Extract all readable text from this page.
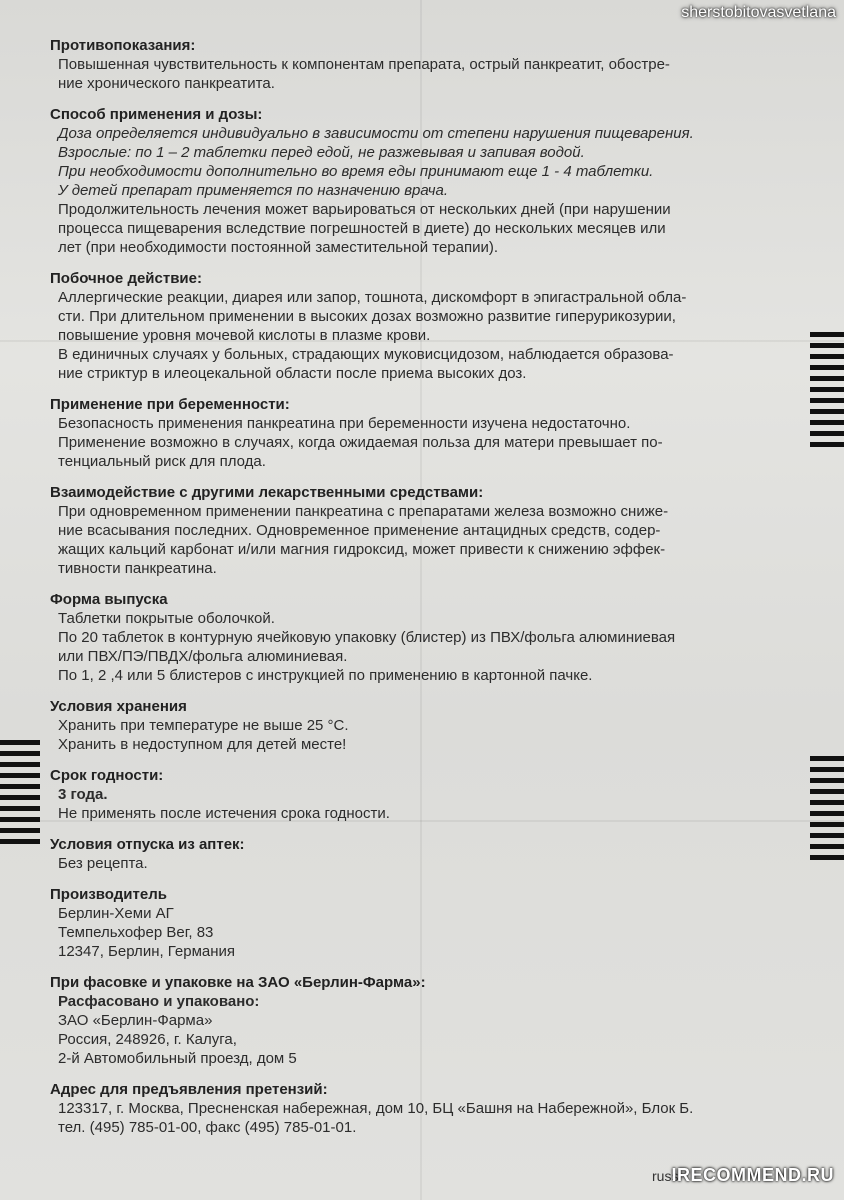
sherstobitovasvetlana
Противопоказания:
Повышенная чувствительность к компонентам препарата, острый панкреатит, обостре-
ние хронического панкреатита.
Способ применения и дозы:
Доза определяется индивидуально в зависимости от степени нарушения пищеварения.
Взрослые: по 1 – 2 таблетки перед едой, не разжевывая и запивая водой.
При необходимости дополнительно во время еды принимают еще 1 - 4 таблетки.
У детей препарат применяется по назначению врача.
Продолжительность лечения может варьироваться от нескольких дней (при нарушении
процесса пищеварения вследствие погрешностей в диете) до нескольких месяцев или
лет (при необходимости постоянной заместительной терапии).
Побочное действие:
Аллергические реакции, диарея или запор, тошнота, дискомфорт в эпигастральной обла-
сти. При длительном применении в высоких дозах возможно развитие гиперурикозурии,
повышение уровня мочевой кислоты в плазме крови.
В единичных случаях у больных, страдающих муковисцидозом, наблюдается образова-
ние стриктур в илеоцекальной области после приема высоких доз.
Применение при беременности:
Безопасность применения панкреатина при беременности изучена недостаточно.
Применение возможно в случаях, когда ожидаемая польза для матери превышает по-
тенциальный риск для плода.
Взаимодействие с другими лекарственными средствами:
При одновременном применении панкреатина с препаратами железа возможно сниже-
ние всасывания последних. Одновременное применение антацидных средств, содер-
жащих кальций карбонат и/или магния гидроксид, может привести к снижению эффек-
тивности панкреатина.
Форма выпуска
Таблетки покрытые оболочкой.
По 20 таблеток в контурную ячейковую упаковку (блистер) из ПВХ/фольга алюминиевая
или ПВХ/ПЭ/ПВДХ/фольга алюминиевая.
По 1, 2 ,4 или 5 блистеров с инструкцией по применению в картонной пачке.
Условия хранения
Хранить при температуре не выше 25 °С.
Хранить в недоступном для детей месте!
Срок годности:
3 года.
Не применять после истечения срока годности.
Условия отпуска из аптек:
Без рецепта.
Производитель
Берлин-Хеми АГ
Темпельхофер Вег, 83
12347, Берлин, Германия
При фасовке и упаковке на ЗАО «Берлин-Фарма»:
Расфасовано и упаковано:
ЗАО «Берлин-Фарма»
Россия, 248926, г. Калуга,
2-й Автомобильный проезд, дом 5
Адрес для предъявления претензий:
123317, г. Москва, Пресненская набережная, дом 10, БЦ «Башня на Набережной», Блок Б.
тел. (495) 785-01-00, факс (495) 785-01-01.
russ
IRECOMMEND.RU
